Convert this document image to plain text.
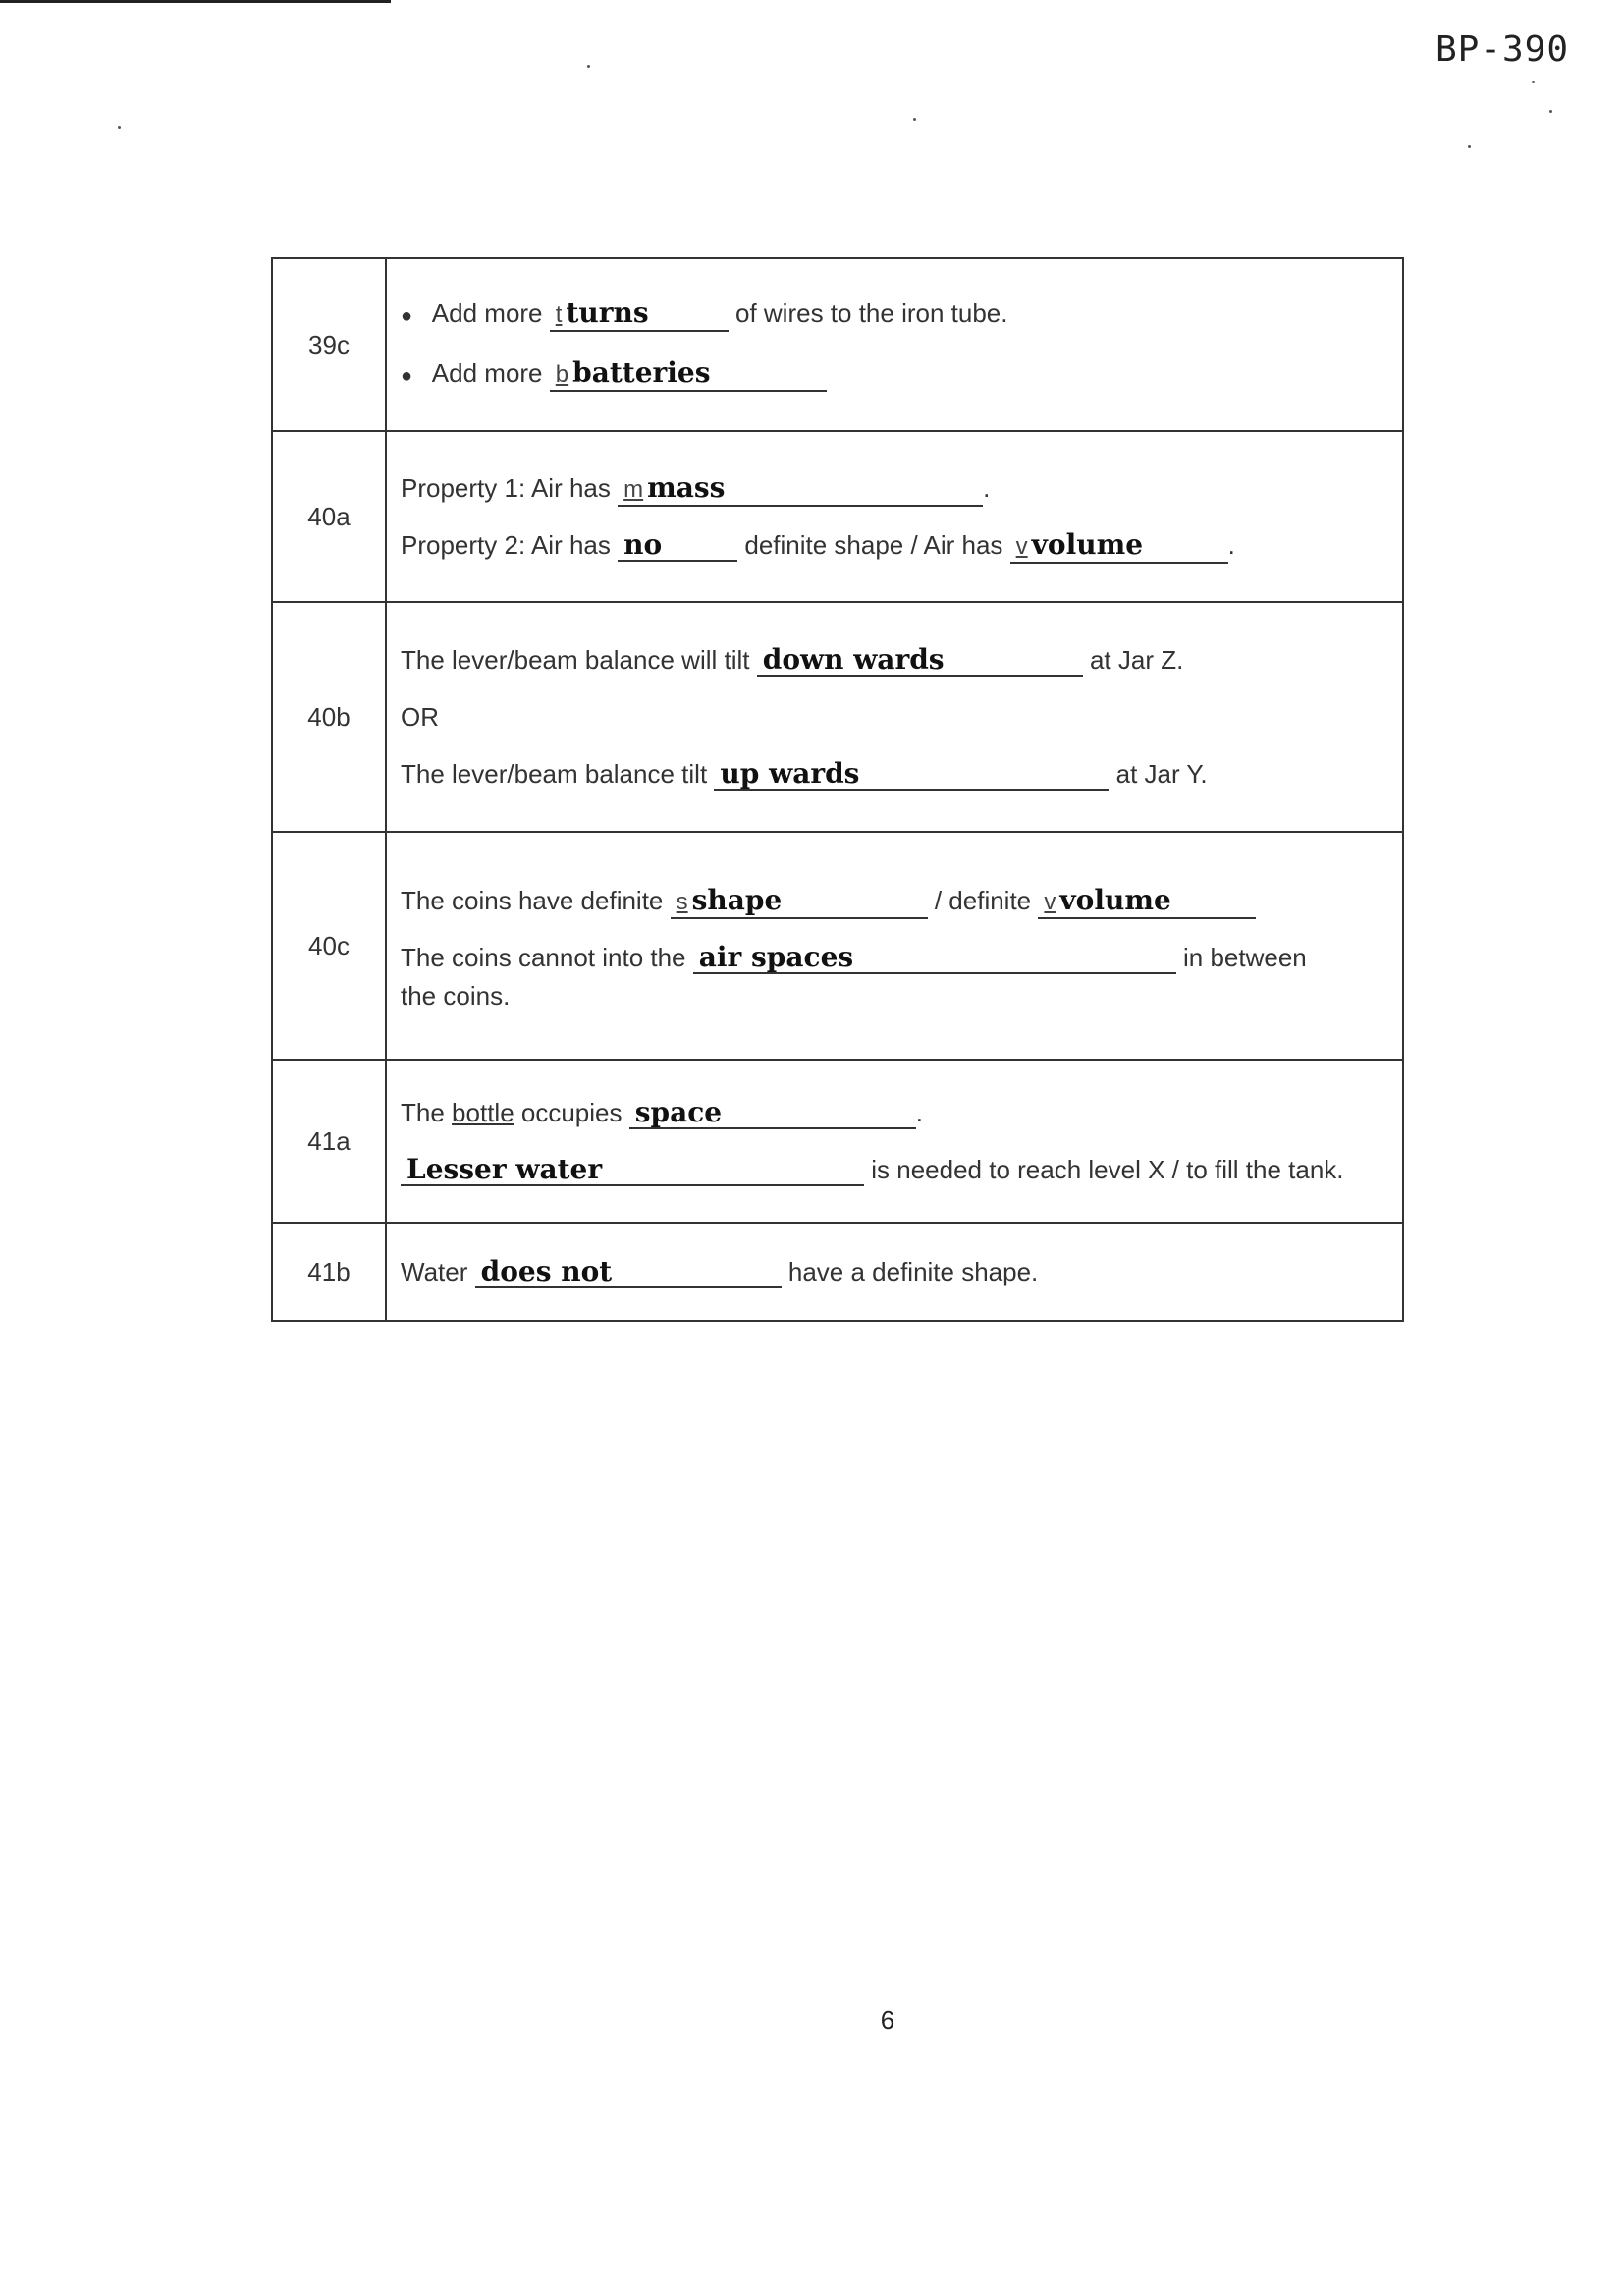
BP-390
39c	● Add more t turns of wires to the iron tube.
● Add more b batteries

40a	Property 1: Air has m mass .
Property 2: Air has no definite shape / Air has v volume .

40b	The lever/beam balance will tilt down wards at Jar Z.
OR
The lever/beam balance tilt up wards at Jar Y.

40c	The coins have definite s shape / definite v volume
The coins cannot into the air spaces in between
the coins.

41a	The bottle occupies space .
Lesser water is needed to reach level X / to fill the tank.

41b	Water does not have a definite shape.
6
